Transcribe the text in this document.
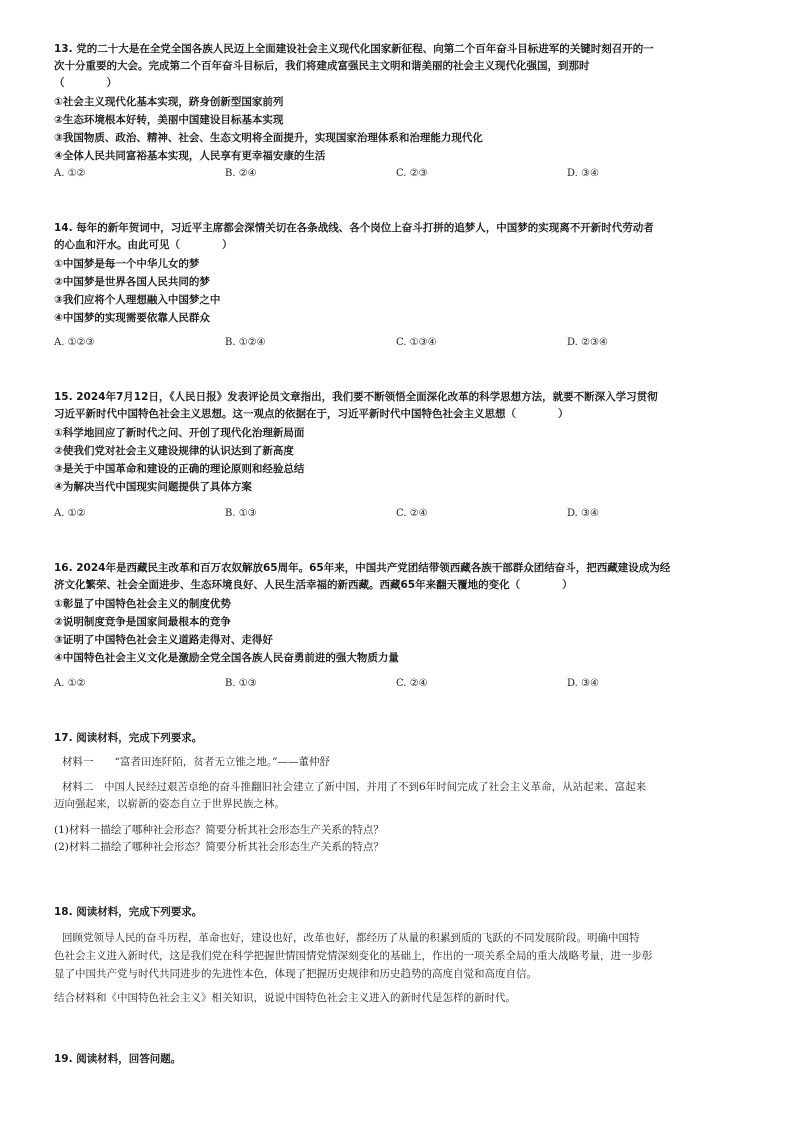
13. 党的二十大是在全党全国各族人民迈上全面建设社会主义现代化国家新征程、向第二个百年奋斗目标进军的关键时刻召开的一
次十分重要的大会。完成第二个百年奋斗目标后，我们将建成富强民主文明和谐美丽的社会主义现代化强国，到那时
（　　　　）
①社会主义现代化基本实现，跻身创新型国家前列
②生态环境根本好转，美丽中国建设目标基本实现
③我国物质、政治、精神、社会、生态文明将全面提升，实现国家治理体系和治理能力现代化
④全体人民共同富裕基本实现，人民享有更幸福安康的生活
A. ①②	B. ②④	C. ②③	D. ③④
14. 每年的新年贺词中，习近平主席都会深情关切在各条战线、各个岗位上奋斗打拼的追梦人，中国梦的实现离不开新时代劳动者
的心血和汗水。由此可见（　　　　）
①中国梦是每一个中华儿女的梦
②中国梦是世界各国人民共同的梦
③我们应将个人理想融入中国梦之中
④中国梦的实现需要依靠人民群众
A. ①②③	B. ①②④	C. ①③④	D. ②③④
15. 2024年7月12日，《人民日报》发表评论员文章指出，我们要不断领悟全面深化改革的科学思想方法，就要不断深入学习贯彻
习近平新时代中国特色社会主义思想。这一观点的依据在于，习近平新时代中国特色社会主义思想（　　　　）
①科学地回应了新时代之问、开创了现代化治理新局面
②使我们党对社会主义建设规律的认识达到了新高度
③是关于中国革命和建设的正确的理论原则和经验总结
④为解决当代中国现实问题提供了具体方案
A. ①②	B. ①③	C. ②④	D. ③④
16. 2024年是西藏民主改革和百万农奴解放65周年。65年来，中国共产党团结带领西藏各族干部群众团结奋斗，把西藏建设成为经
济文化繁荣、社会全面进步、生态环境良好、人民生活幸福的新西藏。西藏65年来翻天覆地的变化（　　　　）
①彰显了中国特色社会主义的制度优势
②说明制度竞争是国家间最根本的竞争
③证明了中国特色社会主义道路走得对、走得好
④中国特色社会主义文化是激励全党全国各族人民奋勇前进的强大物质力量
A. ①②	B. ①③	C. ②④	D. ③④
17. 阅读材料，完成下列要求。
材料一　　“富者田连阡陌，贫者无立锥之地。”——董仲舒
材料二　中国人民经过艰苦卓绝的奋斗推翻旧社会建立了新中国，并用了不到6年时间完成了社会主义革命，从站起来、富起来
迈向强起来，以崭新的姿态自立于世界民族之林。
(1)材料一描绘了哪种社会形态？简要分析其社会形态生产关系的特点？
(2)材料二描绘了哪种社会形态？简要分析其社会形态生产关系的特点？
18. 阅读材料，完成下列要求。
回顾党领导人民的奋斗历程，革命也好，建设也好，改革也好，都经历了从量的积累到质的飞跃的不同发展阶段。明确中国特
色社会主义进入新时代，这是我们党在科学把握世情国情党情深刻变化的基础上，作出的一项关系全局的重大战略考量，进一步彰
显了中国共产党与时代共同进步的先进性本色，体现了把握历史规律和历史趋势的高度自觉和高度自信。
结合材料和《中国特色社会主义》相关知识，说说中国特色社会主义进入的新时代是怎样的新时代。
19. 阅读材料，回答问题。
